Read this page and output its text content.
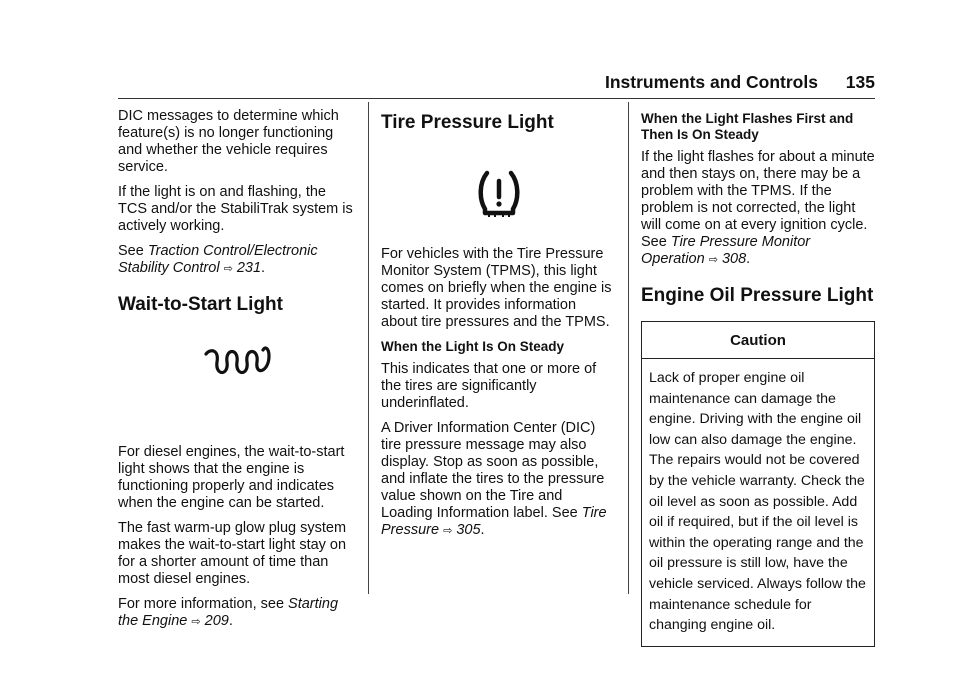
Instruments and Controls 135

DIC messages to determine which feature(s) is no longer functioning and whether the vehicle requires service.

If the light is on and flashing, the TCS and/or the StabiliTrak system is actively working.

See Traction Control/Electronic Stability Control ⇨ 231.

Wait-to-Start Light

For diesel engines, the wait-to-start light shows that the engine is functioning properly and indicates when the engine can be started.

The fast warm-up glow plug system makes the wait-to-start light stay on for a shorter amount of time than most diesel engines.

For more information, see Starting the Engine ⇨ 209.

Tire Pressure Light

For vehicles with the Tire Pressure Monitor System (TPMS), this light comes on briefly when the engine is started. It provides information about tire pressures and the TPMS.

When the Light Is On Steady

This indicates that one or more of the tires are significantly underinflated.

A Driver Information Center (DIC) tire pressure message may also display. Stop as soon as possible, and inflate the tires to the pressure value shown on the Tire and Loading Information label. See Tire Pressure ⇨ 305.

When the Light Flashes First and Then Is On Steady

If the light flashes for about a minute and then stays on, there may be a problem with the TPMS. If the problem is not corrected, the light will come on at every ignition cycle. See Tire Pressure Monitor Operation ⇨ 308.

Engine Oil Pressure Light
Caution
Lack of proper engine oil maintenance can damage the engine. Driving with the engine oil low can also damage the engine. The repairs would not be covered by the vehicle warranty. Check the oil level as soon as possible. Add oil if required, but if the oil level is within the operating range and the oil pressure is still low, have the vehicle serviced. Always follow the maintenance schedule for changing engine oil.
